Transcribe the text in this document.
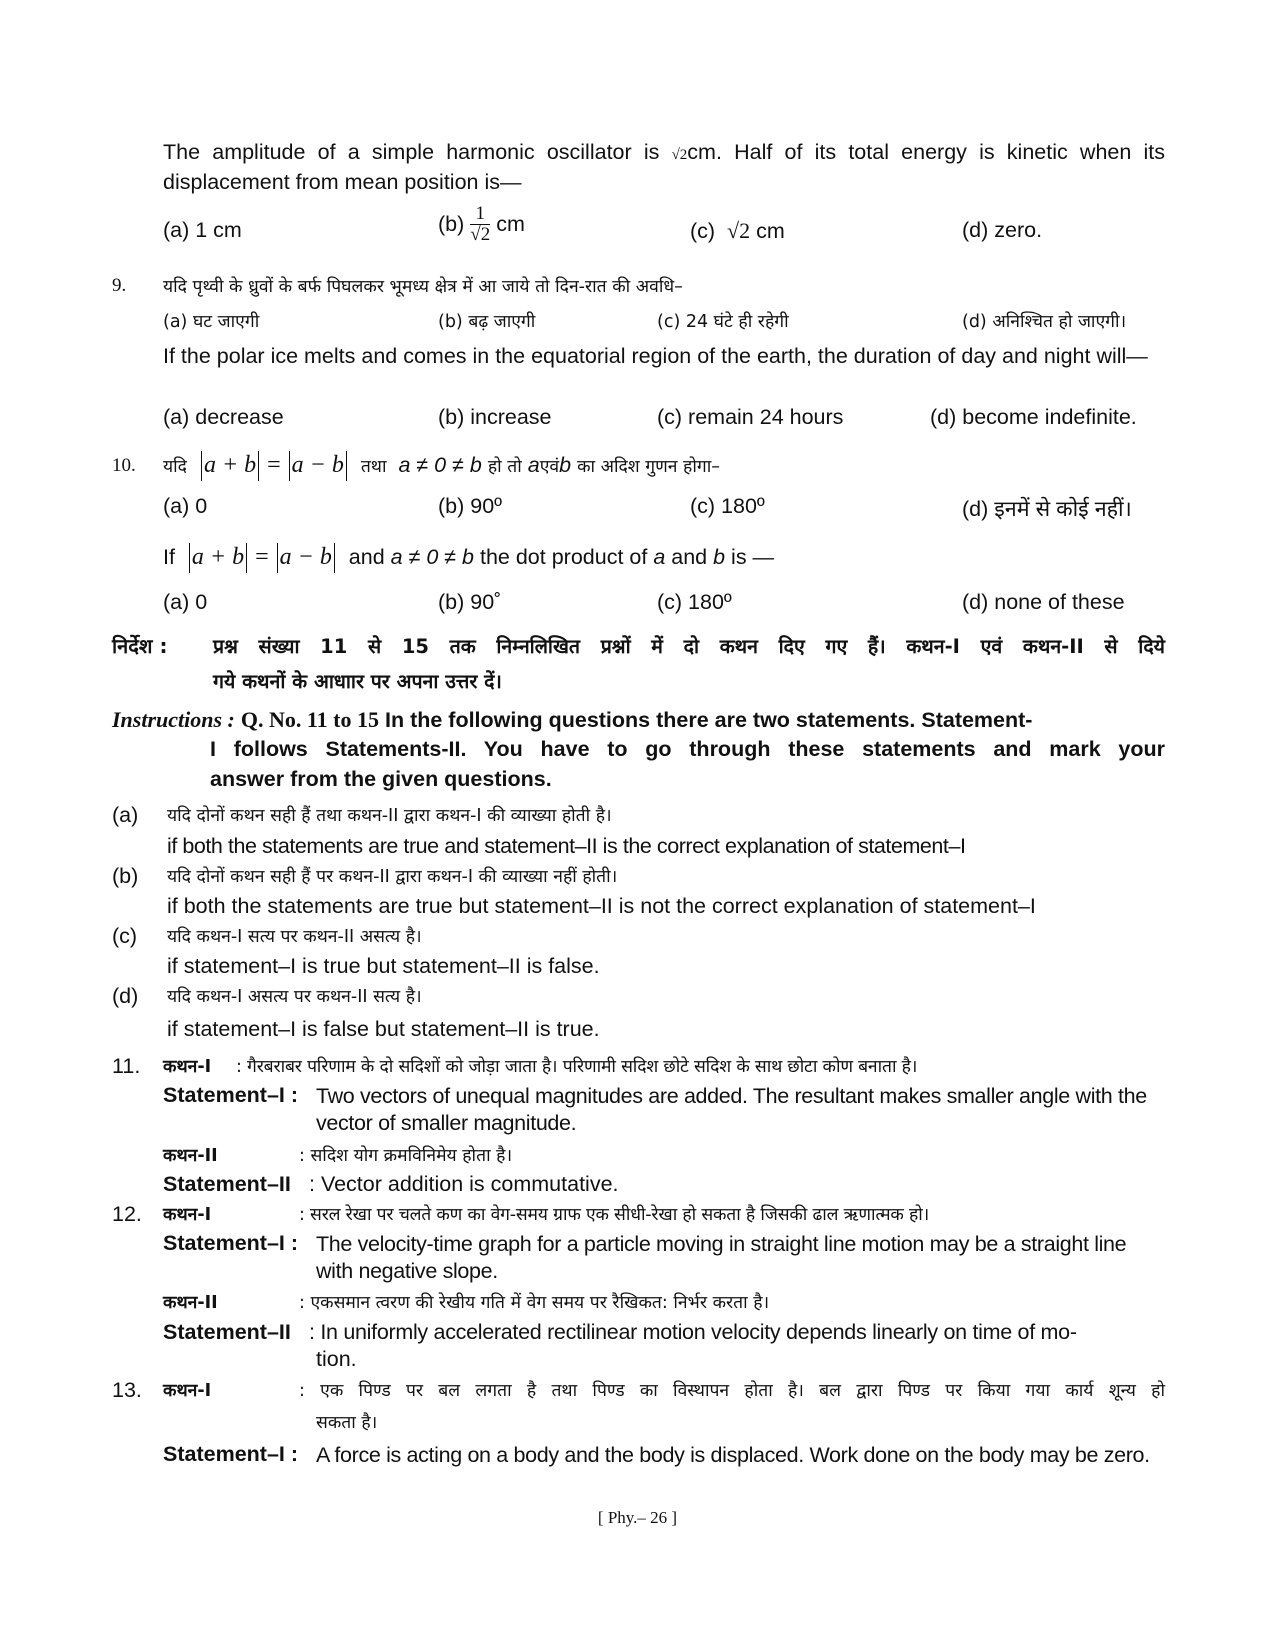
The amplitude of a simple harmonic oscillator is √2cm. Half of its total energy is kinetic when its displacement from mean position is—
(a) 1 cm	$(b) \frac{1}{√2}$ cm	(c) √2 cm	(d) zero.
9. यदि पृथ्वी के ध्रुवों के बर्फ पिघलकर भूमध्य क्षेत्र में आ जाये तो दिन-रात की अवधि–
(a) घट जाएगी	(b) बढ़ जाएगी	(c) 24 घंटे ही रहेगी	(d) अनिश्चित हो जाएगी।
If the polar ice melts and comes in the equatorial region of the earth, the duration of day and night will—
(a) decrease	(b) increase	(c) remain 24 hours	(d) become indefinite.
10. यदि a + b = a − b तथा a ≠ 0 ≠ b हो तो aएवंb का अदिश गुणन होगा–
(a) 0	(b) 90º	(c) 180º	(d) इनमें से कोई नहीं।
If a + b = a − b and a ≠ 0 ≠ b the dot product of a and b is —
(a) 0	(b) 90˚	(c) 180º	(d) none of these
निर्देश : प्रश्न संख्या 11 से 15 तक निम्नलिखित प्रश्नों में दो कथन दिए गए हैं। कथन-I एवं कथन-II से दिये
गये कथनों के आधाार पर अपना उत्तर दें।
Instructions : Q. No. 11 to 15 In the following questions there are two statements. Statement-
I follows Statements-II. You have to go through these statements and mark your
answer from the given questions.
(a) यदि दोनों कथन सही हैं तथा कथन-II द्वारा कथन-I की व्याख्या होती है।
if both the statements are true and statement–II is the correct explanation of statement–I
(b) यदि दोनों कथन सही हैं पर कथन-II द्वारा कथन-I की व्याख्या नहीं होती।
if both the statements are true but statement–II is not the correct explanation of statement–I
(c) यदि कथन-I सत्य पर कथन-II असत्य है।
if statement–I is true but statement–II is false.
(d) यदि कथन-I असत्य पर कथन-II सत्य है।
if statement–I is false but statement–II is true.
11. कथन-I : गैरबराबर परिणाम के दो सदिशों को जोड़ा जाता है। परिणामी सदिश छोटे सदिश के साथ छोटा कोण बनाता है।
Statement–I : Two vectors of unequal magnitudes are added. The resultant makes smaller angle with the vector of smaller magnitude.
कथन-II	: सदिश योग क्रमविनिमेय होता है।
Statement–II : Vector addition is commutative.
12. कथन-I	: सरल रेखा पर चलते कण का वेग-समय ग्राफ एक सीधी-रेखा हो सकता है जिसकी ढाल ऋणात्मक हो।
Statement–I : The velocity-time graph for a particle moving in straight line motion may be a straight line with negative slope.
कथन-II	: एकसमान त्वरण की रेखीय गति में वेग समय पर रैखिकत: निर्भर करता है।
Statement–II : In uniformly accelerated rectilinear motion velocity depends linearly on time of mo-
tion.
13. कथन-I	: एक पिण्ड पर बल लगता है तथा पिण्ड का विस्थापन होता है। बल द्वारा पिण्ड पर किया गया कार्य शून्य हो
सकता है।
Statement–I : A force is acting on a body and the body is displaced. Work done on the body may be zero.
[ Phy.– 26 ]
